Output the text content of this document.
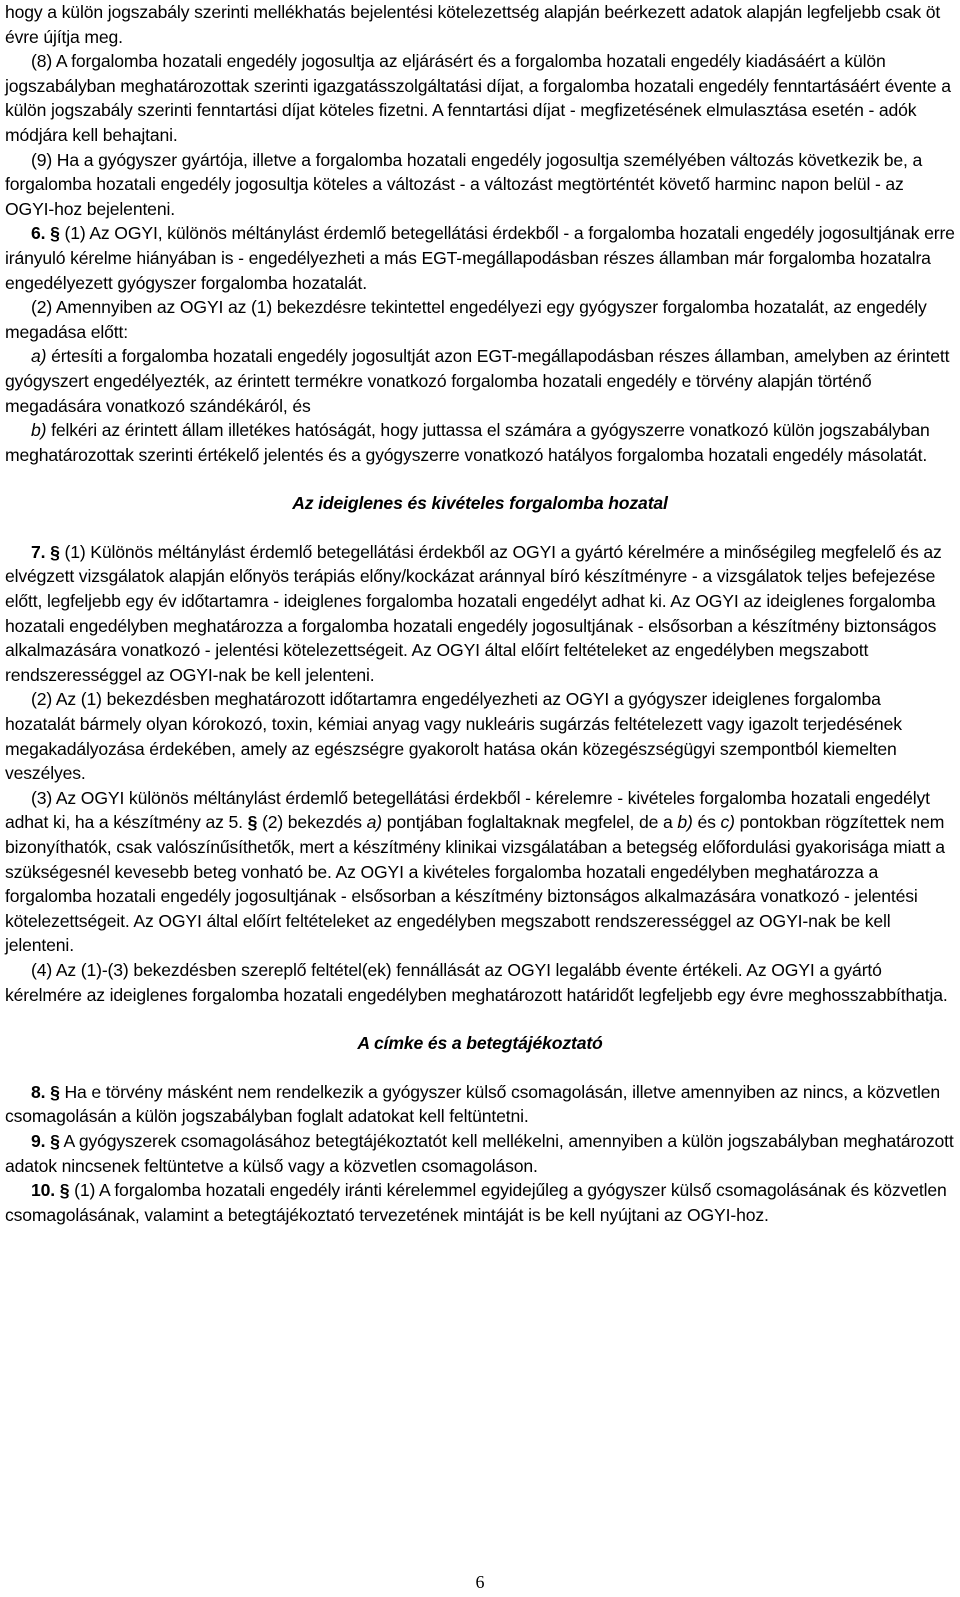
hogy a külön jogszabály szerinti mellékhatás bejelentési kötelezettség alapján beérkezett adatok alapján legfeljebb csak öt évre újítja meg.

(8) A forgalomba hozatali engedély jogosultja az eljárásért és a forgalomba hozatali engedély kiadásáért a külön jogszabályban meghatározottak szerinti igazgatásszolgáltatási díjat, a forgalomba hozatali engedély fenntartásáért évente a külön jogszabály szerinti fenntartási díjat köteles fizetni. A fenntartási díjat - megfizetésének elmulasztása esetén - adók módjára kell behajtani.

(9) Ha a gyógyszer gyártója, illetve a forgalomba hozatali engedély jogosultja személyében változás következik be, a forgalomba hozatali engedély jogosultja köteles a változást - a változást megtörténtét követő harminc napon belül - az OGYI-hoz bejelenteni.

6. § (1) Az OGYI, különös méltánylást érdemlő betegellátási érdekből - a forgalomba hozatali engedély jogosultjának erre irányuló kérelme hiányában is - engedélyezheti a más EGT-megállapodásban részes államban már forgalomba hozatalra engedélyezett gyógyszer forgalomba hozatalát.

(2) Amennyiben az OGYI az (1) bekezdésre tekintettel engedélyezi egy gyógyszer forgalomba hozatalát, az engedély megadása előtt:

a) értesíti a forgalomba hozatali engedély jogosultját azon EGT-megállapodásban részes államban, amelyben az érintett gyógyszert engedélyezték, az érintett termékre vonatkozó forgalomba hozatali engedély e törvény alapján történő megadására vonatkozó szándékáról, és

b) felkéri az érintett állam illetékes hatóságát, hogy juttassa el számára a gyógyszerre vonatkozó külön jogszabályban meghatározottak szerinti értékelő jelentés és a gyógyszerre vonatkozó hatályos forgalomba hozatali engedély másolatát.

Az ideiglenes és kivételes forgalomba hozatal

7. § (1) Különös méltánylást érdemlő betegellátási érdekből az OGYI a gyártó kérelmére a minőségileg megfelelő és az elvégzett vizsgálatok alapján előnyös terápiás előny/kockázat aránnyal bíró készítményre - a vizsgálatok teljes befejezése előtt, legfeljebb egy év időtartamra - ideiglenes forgalomba hozatali engedélyt adhat ki. Az OGYI az ideiglenes forgalomba hozatali engedélyben meghatározza a forgalomba hozatali engedély jogosultjának - elsősorban a készítmény biztonságos alkalmazására vonatkozó - jelentési kötelezettségeit. Az OGYI által előírt feltételeket az engedélyben megszabott rendszerességgel az OGYI-nak be kell jelenteni.

(2) Az (1) bekezdésben meghatározott időtartamra engedélyezheti az OGYI a gyógyszer ideiglenes forgalomba hozatalát bármely olyan kórokozó, toxin, kémiai anyag vagy nukleáris sugárzás feltételezett vagy igazolt terjedésének megakadályozása érdekében, amely az egészségre gyakorolt hatása okán közegészségügyi szempontból kiemelten veszélyes.

(3) Az OGYI különös méltánylást érdemlő betegellátási érdekből - kérelemre - kivételes forgalomba hozatali engedélyt adhat ki, ha a készítmény az 5. § (2) bekezdés a) pontjában foglaltaknak megfelel, de a b) és c) pontokban rögzítettek nem bizonyíthatók, csak valószínűsíthetők, mert a készítmény klinikai vizsgálatában a betegség előfordulási gyakorisága miatt a szükségesnél kevesebb beteg vonható be. Az OGYI a kivételes forgalomba hozatali engedélyben meghatározza a forgalomba hozatali engedély jogosultjának - elsősorban a készítmény biztonságos alkalmazására vonatkozó - jelentési kötelezettségeit. Az OGYI által előírt feltételeket az engedélyben megszabott rendszerességgel az OGYI-nak be kell jelenteni.

(4) Az (1)-(3) bekezdésben szereplő feltétel(ek) fennállását az OGYI legalább évente értékeli. Az OGYI a gyártó kérelmére az ideiglenes forgalomba hozatali engedélyben meghatározott határidőt legfeljebb egy évre meghosszabbíthatja.

A címke és a betegtájékoztató

8. § Ha e törvény másként nem rendelkezik a gyógyszer külső csomagolásán, illetve amennyiben az nincs, a közvetlen csomagolásán a külön jogszabályban foglalt adatokat kell feltüntetni.

9. § A gyógyszerek csomagolásához betegtájékoztatót kell mellékelni, amennyiben a külön jogszabályban meghatározott adatok nincsenek feltüntetve a külső vagy a közvetlen csomagoláson.

10. § (1) A forgalomba hozatali engedély iránti kérelemmel egyidejűleg a gyógyszer külső csomagolásának és közvetlen csomagolásának, valamint a betegtájékoztató tervezetének mintáját is be kell nyújtani az OGYI-hoz.

6
